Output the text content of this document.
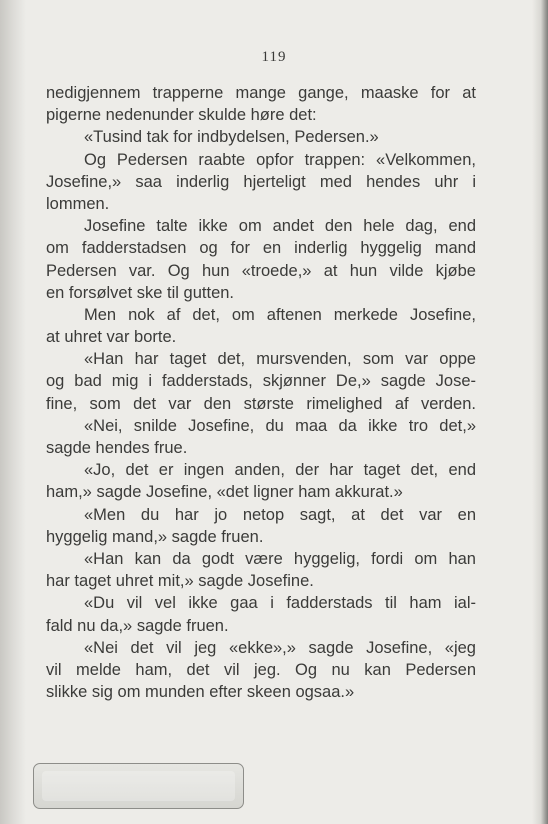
119
nedigjennem trapperne mange gange, maaske for at
pigerne nedenunder skulde høre det:
«Tusind tak for indbydelsen, Pedersen.»
Og Pedersen raabte opfor trappen: «Velkommen,
Josefine,» saa inderlig hjerteligt med hendes uhr i
lommen.
Josefine talte ikke om andet den hele dag, end
om fadderstadsen og for en inderlig hyggelig mand
Pedersen var. Og hun «troede,» at hun vilde kjøbe
en forsølvet ske til gutten.
Men nok af det, om aftenen merkede Josefine,
at uhret var borte.
«Han har taget det, mursvenden, som var oppe
og bad mig i fadderstads, skjønner De,» sagde Jose-
fine, som det var den største rimelighed af verden.
«Nei, snilde Josefine, du maa da ikke tro det,»
sagde hendes frue.
«Jo, det er ingen anden, der har taget det, end
ham,» sagde Josefine, «det ligner ham akkurat.»
«Men du har jo netop sagt, at det var en
hyggelig mand,» sagde fruen.
«Han kan da godt være hyggelig, fordi om han
har taget uhret mit,» sagde Josefine.
«Du vil vel ikke gaa i fadderstads til ham ial-
fald nu da,» sagde fruen.
«Nei det vil jeg «ekke»,» sagde Josefine, «jeg
vil melde ham, det vil jeg. Og nu kan Pedersen
slikke sig om munden efter skeen ogsaa.»
